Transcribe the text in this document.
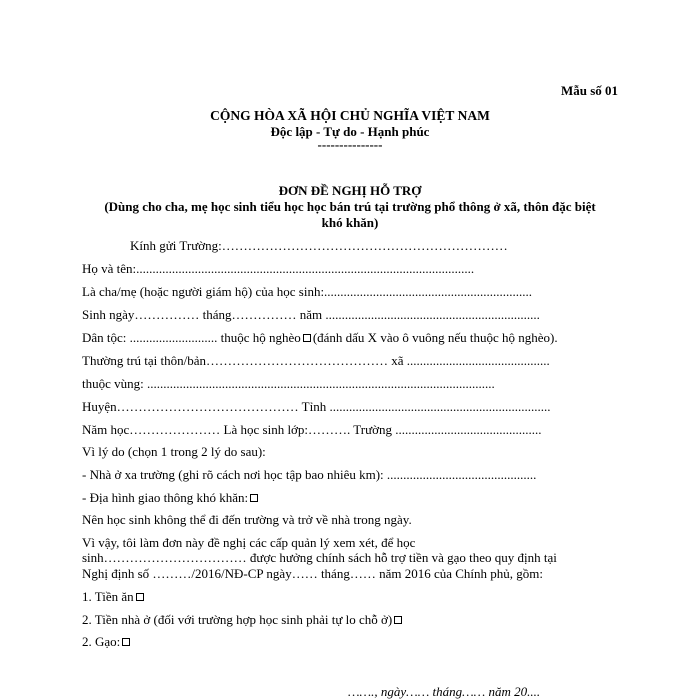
Mẫu số 01
CỘNG HÒA XÃ HỘI CHỦ NGHĨA VIỆT NAM
Độc lập - Tự do - Hạnh phúc
---------------
ĐƠN ĐỀ NGHỊ HỖ TRỢ
(Dùng cho cha, mẹ học sinh tiểu học học bán trú tại trường phổ thông ở xã, thôn đặc biệt
khó khăn)
Kính gửi Trường:…………………………………………………………
Họ và tên:........................................................................................................
Là cha/mẹ (hoặc người giám hộ) của học sinh:................................................................
Sinh ngày…………… tháng…………… năm ..................................................................
Dân tộc: ........................... thuộc hộ nghèo (đánh dấu X vào ô vuông nếu thuộc hộ nghèo).
Thường trú tại thôn/bản…………………………………… xã ............................................
thuộc vùng: ...........................................................................................................
Huyện…………………………………… Tỉnh ....................................................................
Năm học………………… Là học sinh lớp:………. Trường .............................................
Vì lý do (chọn 1 trong 2 lý do sau):
- Nhà ở xa trường (ghi rõ cách nơi học tập bao nhiêu km): ..............................................
- Địa hình giao thông khó khăn:
Nên học sinh không thể đi đến trường và trở về nhà trong ngày.
Vì vậy, tôi làm đơn này đề nghị các cấp quản lý xem xét, để học
sinh…………………………… được hưởng chính sách hỗ trợ tiền và gạo theo quy định tại
Nghị định số ………/2016/NĐ-CP ngày…… tháng…… năm 2016 của Chính phủ, gồm:
1. Tiền ăn
2. Tiền nhà ở (đối với trường hợp học sinh phải tự lo chỗ ở)
2. Gạo:
……., ngày…… tháng…… năm 20....
